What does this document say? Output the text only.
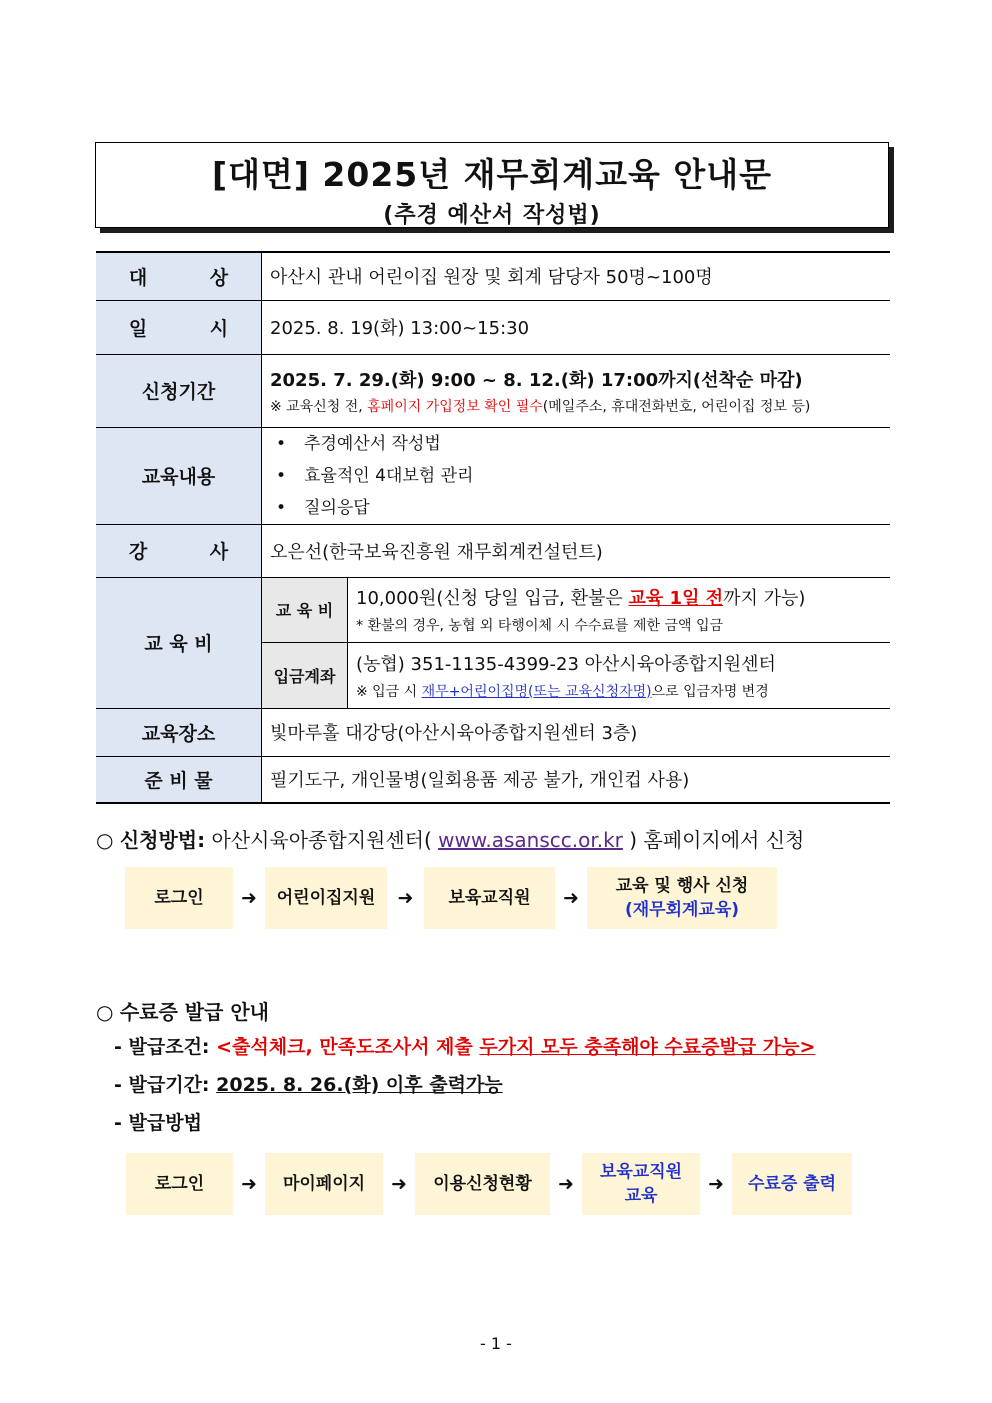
[대면] 2025년 재무회계교육 안내문
(추경 예산서 작성법)
대 상	아산시 관내 어린이집 원장 및 회계 담당자 50명~100명	
일 시	2025. 8. 19(화) 13:00~15:30	
신청기간	2025. 7. 29.(화) 9:00 ~ 8. 12.(화) 17:00까지(선착순 마감)
※ 교육신청 전, 홈페이지 가입정보 확인 필수(메일주소, 휴대전화번호, 어린이집 정보 등)	

교육내용	• 추경예산서 작성법
• 효율적인 4대보험 관리
• 질의응답

강 사	오은선(한국보육진흥원 재무회계컨설턴트)	
교 육 비	교 육 비	10,000원(신청 당일 입금, 환불은 교육 1일 전까지 가능)
* 환불의 경우, 농협 외 타행이체 시 수수료를 제한 금액 입금

	입금계좌	(농협) 351-1135-4399-23 아산시육아종합지원센터
※ 입금 시 재무+어린이집명(또는 교육신청자명)으로 입금자명 변경

교육장소	빛마루홀 대강당(아산시육아종합지원센터 3층)	
준 비 물	필기도구, 개인물병(일회용품 제공 불가, 개인컵 사용)	
○ 신청방법: 아산시육아종합지원센터( www.asanscc.or.kr ) 홈페이지에서 신청
로그인	➜	어린이집지원	➜	보육교직원	➜
교육 및 행사 신청
(재무회계교육)
○ 수료증 발급 안내
- 발급조건: <출석체크, 만족도조사서 제출 두가지 모두 충족해야 수료증발급 가능>
- 발급기간: 2025. 8. 26.(화) 이후 출력가능
- 발급방법
로그인	➜	마이페이지	➜	이용신청현황	➜
보육교직원
교육
➜	수료증 출력
- 1 -
